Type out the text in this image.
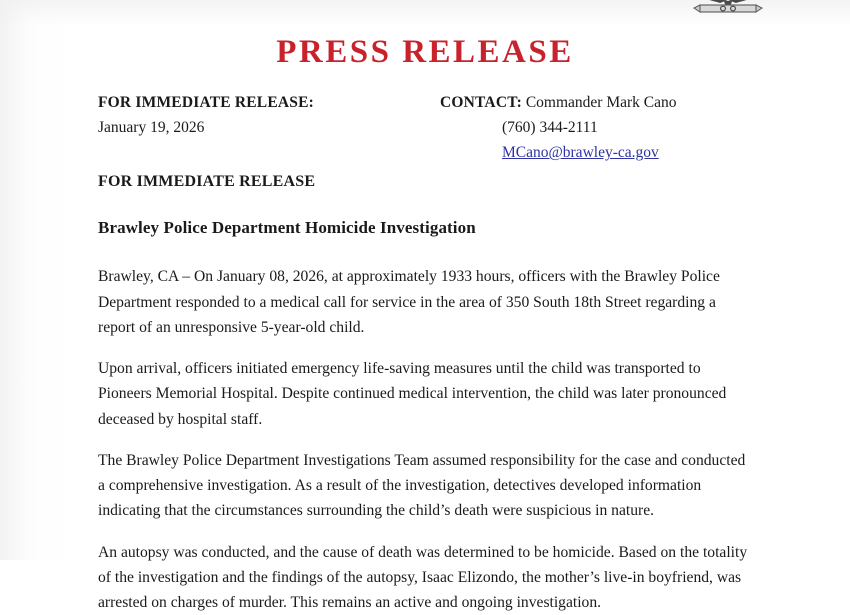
PRESS RELEASE
FOR IMMEDIATE RELEASE:
January 19, 2026
CONTACT: Commander Mark Cano
(760) 344-2111
MCano@brawley-ca.gov
FOR IMMEDIATE RELEASE
Brawley Police Department Homicide Investigation

Brawley, CA – On January 08, 2026, at approximately 1933 hours, officers with the Brawley Police Department responded to a medical call for service in the area of 350 South 18th Street regarding a report of an unresponsive 5-year-old child.

Upon arrival, officers initiated emergency life-saving measures until the child was transported to Pioneers Memorial Hospital. Despite continued medical intervention, the child was later pronounced deceased by hospital staff.

The Brawley Police Department Investigations Team assumed responsibility for the case and conducted a comprehensive investigation. As a result of the investigation, detectives developed information indicating that the circumstances surrounding the child’s death were suspicious in nature.

An autopsy was conducted, and the cause of death was determined to be homicide. Based on the totality of the investigation and the findings of the autopsy, Isaac Elizondo, the mother’s live-in boyfriend, was arrested on charges of murder. This remains an active and ongoing investigation.
